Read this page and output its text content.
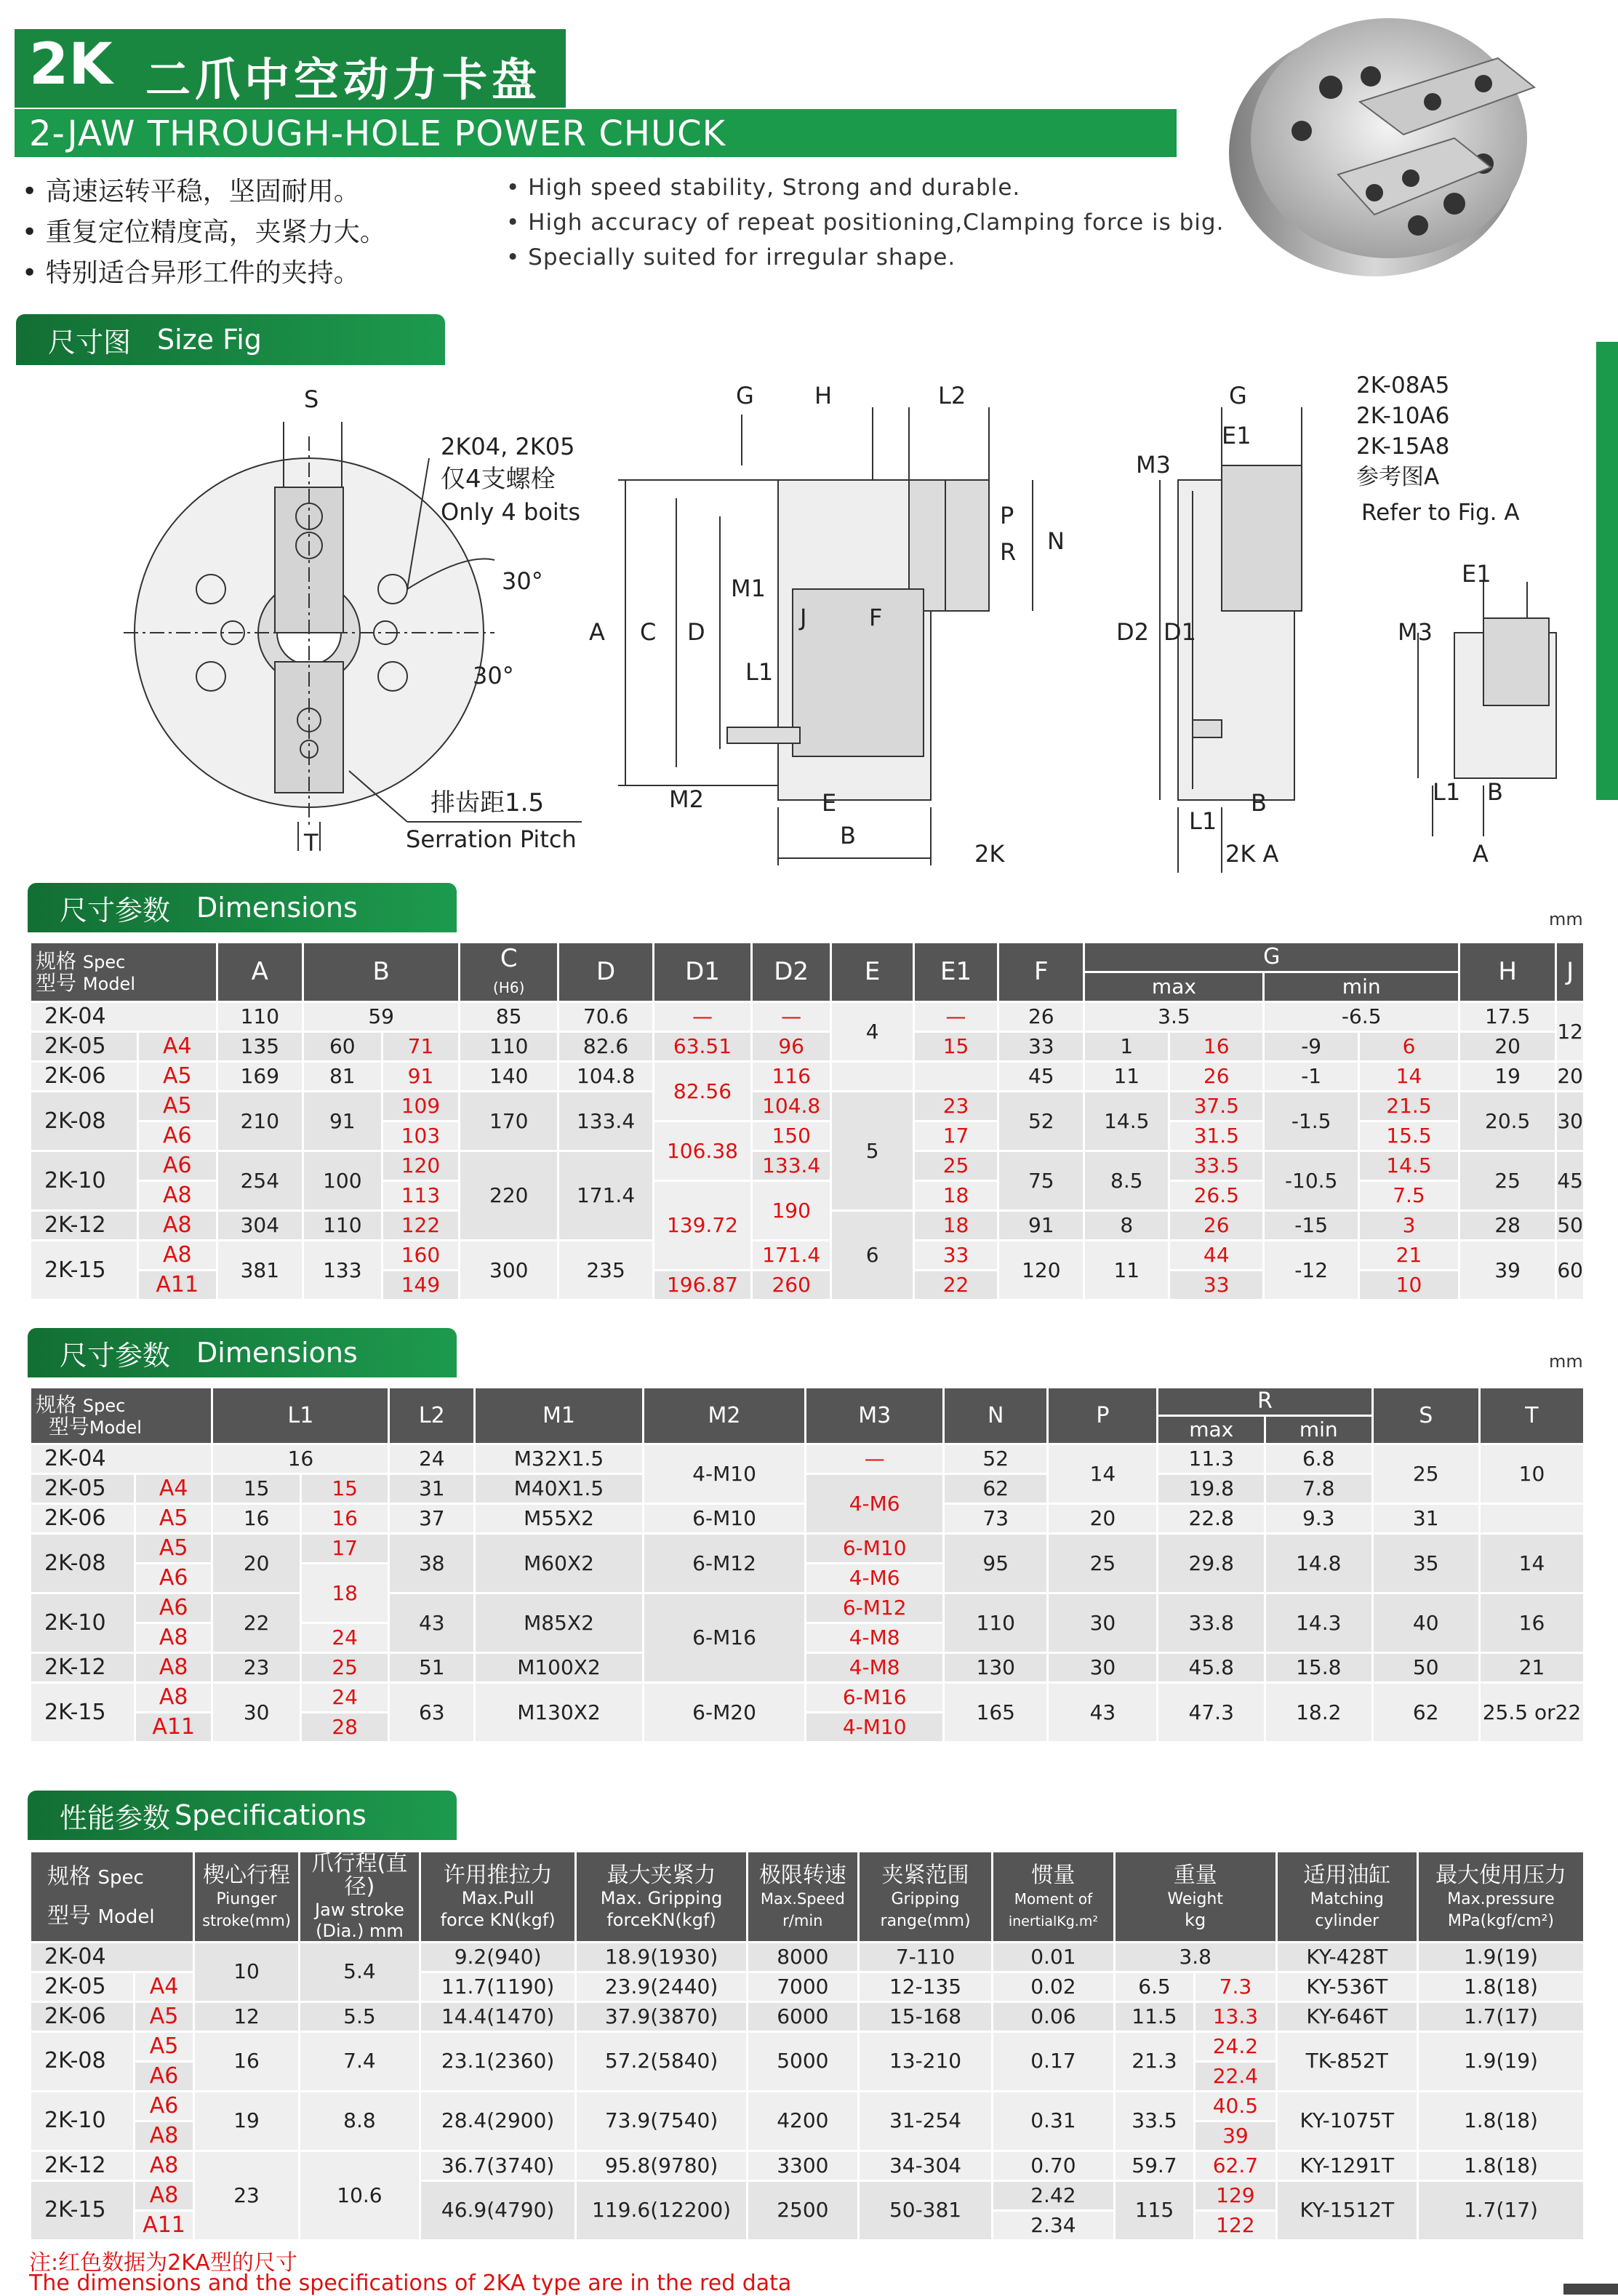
2K 二爪中空动力卡盘
2-JAW THROUGH-HOLE POWER CHUCK
• 高速运转平稳，坚固耐用。
• 重复定位精度高，夹紧力大。
• 特别适合异形工件的夹持。
• High speed stability, Strong and durable.
• High accuracy of repeat positioning,Clamping force is big.
• Specially suited for irregular shape.
尺寸图 Size Fig
S
T
2K04, 2K05
仅4支螺栓
Only 4 boits
30°
30°
排齿距1.5
Serration Pitch
G	H	L2
A C D
M1
J	F
R
P
N
L1
M2	E
B
2K
G
E1
M3
D2 D1
L1
B
2K A
2K-08A5
2K-10A6
2K-15A8
参考图A
Refer to Fig. A
E1
M3
L1 B
A
尺寸参数 Dimensions	mm
规格 Spec
型号 Model		A	B		C
(H6)	D	D1	D2	E	E1	F	G				H	J
												max		min			
2K-04		110	59		85	70.6	—	—	4	—	26	3.5		-6.5		17.5	12
2K-05	A4	135	60	71	110	82.6	63.51	96		15	33	1	16	-9	6	20	
2K-06	A5	169	81	91	140	104.8	82.56	116			45	11	26	-1	14	19	20
2K-08	A5	210	91	109	170	133.4		104.8	5	23	52	14.5	37.5	-1.5	21.5	20.5	30
	A6			103			106.38	150		17			31.5		15.5		
2K-10	A6	254	100	120	220	171.4		133.4		25	75	8.5	33.5	-10.5	14.5	25	45
	A8			113			139.72	190		18			26.5		7.5		
2K-12	A8	304	110	122					6	18	91	8	26	-15	3	28	50
2K-15	A8	381	133	160	300	235		171.4		33	120	11	44	-12	21	39	60
	A11			149			196.87	260		22			33		10		
尺寸参数 Dimensions	mm
规格 Spec
型号Model		L1		L2	M1	M2	M3	N	P	R		S	T
										max	min		
2K-04		16		24	M32X1.5	4-M10	—	52	14	11.3	6.8	25	10
2K-05	A4	15	15	31	M40X1.5		4-M6	62		19.8	7.8		
2K-06	A5	16	16	37	M55X2	6-M10		73	20	22.8	9.3	31	
2K-08	A5	20	17	38	M60X2	6-M12	6-M10	95	25	29.8	14.8	35	14
	A6		18				4-M6						
2K-10	A6	22		43	M85X2	6-M16	6-M12	110	30	33.8	14.3	40	16
	A8		24				4-M8						
2K-12	A8	23	25	51	M100X2		4-M8	130	30	45.8	15.8	50	21
2K-15	A8	30	24	63	M130X2	6-M20	6-M16	165	43	47.3	18.2	62	25.5 or22
	A11		28				4-M10						
性能参数 Specifications
规格 Spec
型号 Model		楔心行程
Piunger
stroke(mm)	爪行程(直径)
Jaw stroke
(Dia.) mm	许用推拉力
Max.Pull
force KN(kgf)	最大夹紧力
Max. Gripping
forceKN(kgf)	极限转速
Max.Speed
r/min	夹紧范围
Gripping
range(mm)	惯量
Moment of
inertialKg.m²	重量
Weight
kg		适用油缸
Matching
cylinder	最大使用压力
Max.pressure
MPa(kgf/cm²)
2K-04		10	5.4	9.2(940)	18.9(1930)	8000	7-110	0.01	3.8		KY-428T	1.9(19)
2K-05	A4			11.7(1190)	23.9(2440)	7000	12-135	0.02	6.5	7.3	KY-536T	1.8(18)
2K-06	A5	12	5.5	14.4(1470)	37.9(3870)	6000	15-168	0.06	11.5	13.3	KY-646T	1.7(17)
2K-08	A5	16	7.4	23.1(2360)	57.2(5840)	5000	13-210	0.17	21.3	24.2	TK-852T	1.9(19)
	A6									22.4		
2K-10	A6	19	8.8	28.4(2900)	73.9(7540)	4200	31-254	0.31	33.5	40.5	KY-1075T	1.8(18)
	A8									39		
2K-12	A8	23	10.6	36.7(3740)	95.8(9780)	3300	34-304	0.70	59.7	62.7	KY-1291T	1.8(18)
2K-15	A8			46.9(4790)	119.6(12200)	2500	50-381	2.42	115	129	KY-1512T	1.7(17)
	A11							2.34		122		
注:红色数据为2KA型的尺寸
The dimensions and the specifications of 2KA type are in the red data
